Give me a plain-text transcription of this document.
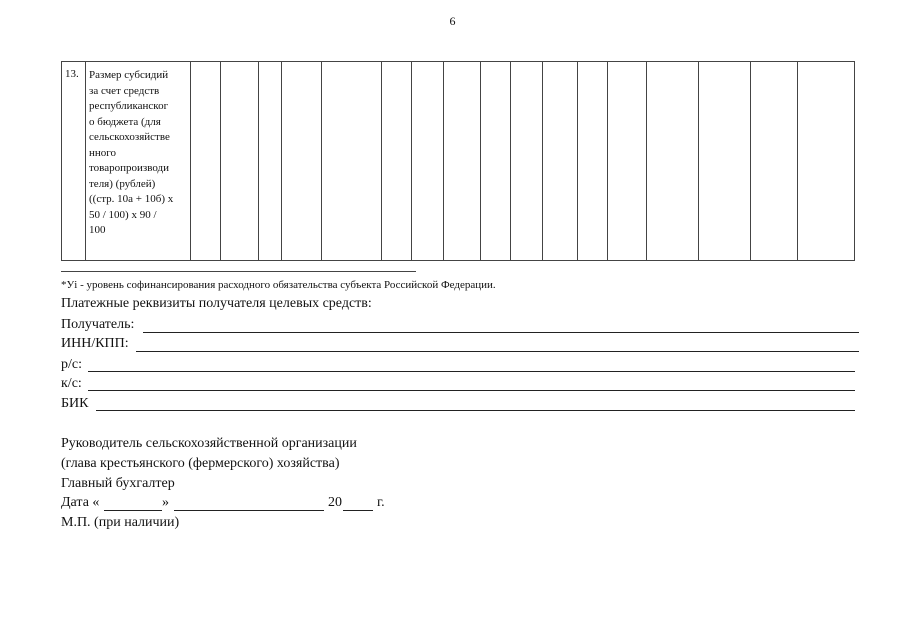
6
13.	Размер субсидий
за счет средств
республиканског
о бюджета (для
сельскохозяйстве
нного
товаропроизводи
теля) (рублей)
((стр. 10а + 10б) х
50 / 100) х 90 /
100

*Уi - уровень софинансирования расходного обязательства субъекта Российской Федерации.
Платежные реквизиты получателя целевых средств:
Получатель:
ИНН/КПП:
р/с:
к/с:
БИК
Руководитель сельскохозяйственной организации
(глава крестьянского (фермерского) хозяйства)
Главный бухгалтер
Дата «	»	20	г.
М.П. (при наличии)
